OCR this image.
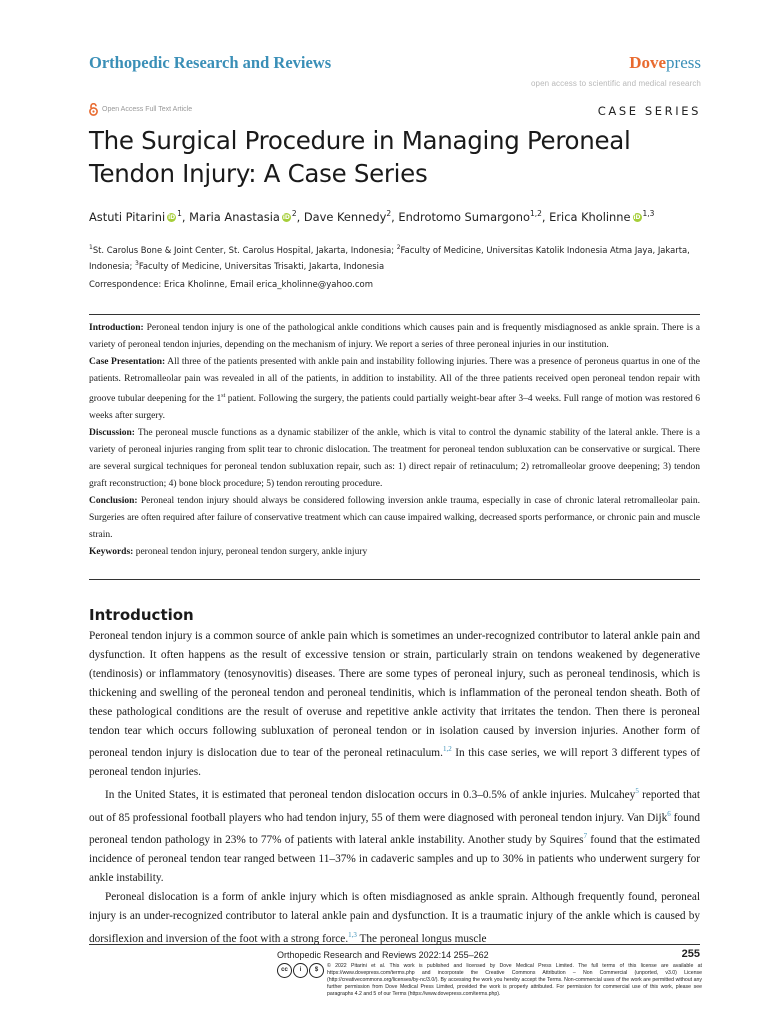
Orthopedic Research and Reviews	Dovepress
open access to scientific and medical research
Open Access Full Text Article	CASE SERIES
The Surgical Procedure in Managing Peroneal Tendon Injury: A Case Series
Astuti Pitarini iD $^1$, Maria Anastasia iD $^2$, Dave Kennedy$^2$, Endrotomo Sumargono$^{1,2}$, Erica Kholinne iD $^{1,3}$
$^1$St. Carolus Bone & Joint Center, St. Carolus Hospital, Jakarta, Indonesia; $^2$Faculty of Medicine, Universitas Katolik Indonesia Atma Jaya, Jakarta, Indonesia; $^3$Faculty of Medicine, Universitas Trisakti, Jakarta, Indonesia
Correspondence: Erica Kholinne, Email erica_kholinne@yahoo.com

Introduction: Peroneal tendon injury is one of the pathological ankle conditions which causes pain and is frequently misdiagnosed as ankle sprain. There is a variety of peroneal tendon injuries, depending on the mechanism of injury. We report a series of three peroneal injuries in our institution.

Case Presentation: All three of the patients presented with ankle pain and instability following injuries. There was a presence of peroneus quartus in one of the patients. Retromalleolar pain was revealed in all of the patients, in addition to instability. All of the three patients received open peroneal tendon repair with groove tubular deepening for the 1st patient. Following the surgery, the patients could partially weight-bear after 3–4 weeks. Full range of motion was restored 6 weeks after surgery.

Discussion: The peroneal muscle functions as a dynamic stabilizer of the ankle, which is vital to control the dynamic stability of the lateral ankle. There is a variety of peroneal injuries ranging from split tear to chronic dislocation. The treatment for peroneal tendon subluxation can be conservative or surgical. There are several surgical techniques for peroneal tendon subluxation repair, such as: 1) direct repair of retinaculum; 2) retromalleolar groove deepening; 3) tendon graft reconstruction; 4) bone block procedure; 5) tendon rerouting procedure.

Conclusion: Peroneal tendon injury should always be considered following inversion ankle trauma, especially in case of chronic lateral retromalleolar pain. Surgeries are often required after failure of conservative treatment which can cause impaired walking, decreased sports performance, or chronic pain and muscle strain.

Keywords: peroneal tendon injury, peroneal tendon surgery, ankle injury

Introduction

Peroneal tendon injury is a common source of ankle pain which is sometimes an under-recognized contributor to lateral ankle pain and dysfunction. It often happens as the result of excessive tension or strain, particularly strain on tendons weakened by degenerative (tendinosis) or inflammatory (tenosynovitis) diseases. There are some types of peroneal injury, such as peroneal tendinosis, which is thickening and swelling of the peroneal tendon and peroneal tendinitis, which is inflammation of the peroneal tendon sheath. Both of these pathological conditions are the result of overuse and repetitive ankle activity that irritates the tendon. Then there is peroneal tendon tear which occurs following subluxation of peroneal tendon or in isolation caused by inversion injuries. Another form of peroneal tendon injury is dislocation due to tear of the peroneal retinaculum.$^{1,2}$ In this case series, we will report 3 different types of peroneal tendon injuries.

In the United States, it is estimated that peroneal tendon dislocation occurs in 0.3–0.5% of ankle injuries. Mulcahey$^5$ reported that out of 85 professional football players who had tendon injury, 55 of them were diagnosed with peroneal tendon injury. Van Dijk$^6$ found peroneal tendon pathology in 23% to 77% of patients with lateral ankle instability. Another study by Squires$^7$ found that the estimated incidence of peroneal tendon tear ranged between 11–37% in cadaveric samples and up to 30% in patients who underwent surgery for ankle instability.

Peroneal dislocation is a form of ankle injury which is often misdiagnosed as ankle sprain. Although frequently found, peroneal injury is an under-recognized contributor to lateral ankle pain and dysfunction. It is a traumatic injury of the ankle which is caused by dorsiflexion and inversion of the foot with a strong force.$^{1,3}$ The peroneal longus muscle

Orthopedic Research and Reviews 2022:14 255–262	255
cc	i	$
© 2022 Pitarini et al. This work is published and licensed by Dove Medical Press Limited. The full terms of this license are available at https://www.dovepress.com/terms.php and incorporate the Creative Commons Attribution – Non Commercial (unported, v3.0) License (http://creativecommons.org/licenses/by-nc/3.0/). By accessing the work you hereby accept the Terms. Non-commercial uses of the work are permitted without any further permission from Dove Medical Press Limited, provided the work is properly attributed. For permission for commercial use of this work, please see paragraphs 4.2 and 5 of our Terms (https://www.dovepress.com/terms.php).
